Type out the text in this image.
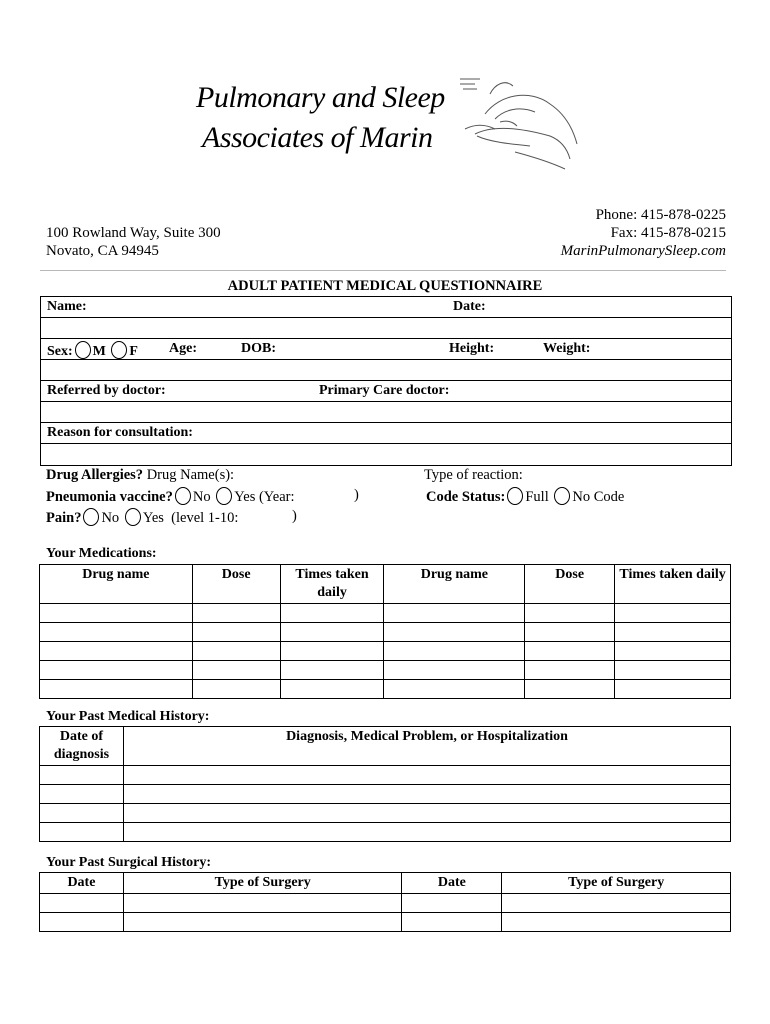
Pulmonary and Sleep
Associates of Marin
100 Rowland Way, Suite 300
Novato, CA 94945
Phone: 415-878-0225
Fax: 415-878-0215
MarinPulmonarySleep.com
ADULT PATIENT MEDICAL QUESTIONNAIRE
Name:	Date:
Sex: M F Age:	DOB:	Height:	Weight:
Referred by doctor:	Primary Care doctor:
Reason for consultation:
Drug Allergies? Drug Name(s):	Type of reaction:
Pneumonia vaccine? No Yes (Year:	)	Code Status: Full No Code
Pain? No Yes (level 1-10:	)
Your Medications:
Drug name	Dose	Times taken daily	Drug name	Dose	Times taken daily

Your Past Medical History:
Date of diagnosis	Diagnosis, Medical Problem, or Hospitalization

Your Past Surgical History:
Date	Type of Surgery	Date	Type of Surgery
